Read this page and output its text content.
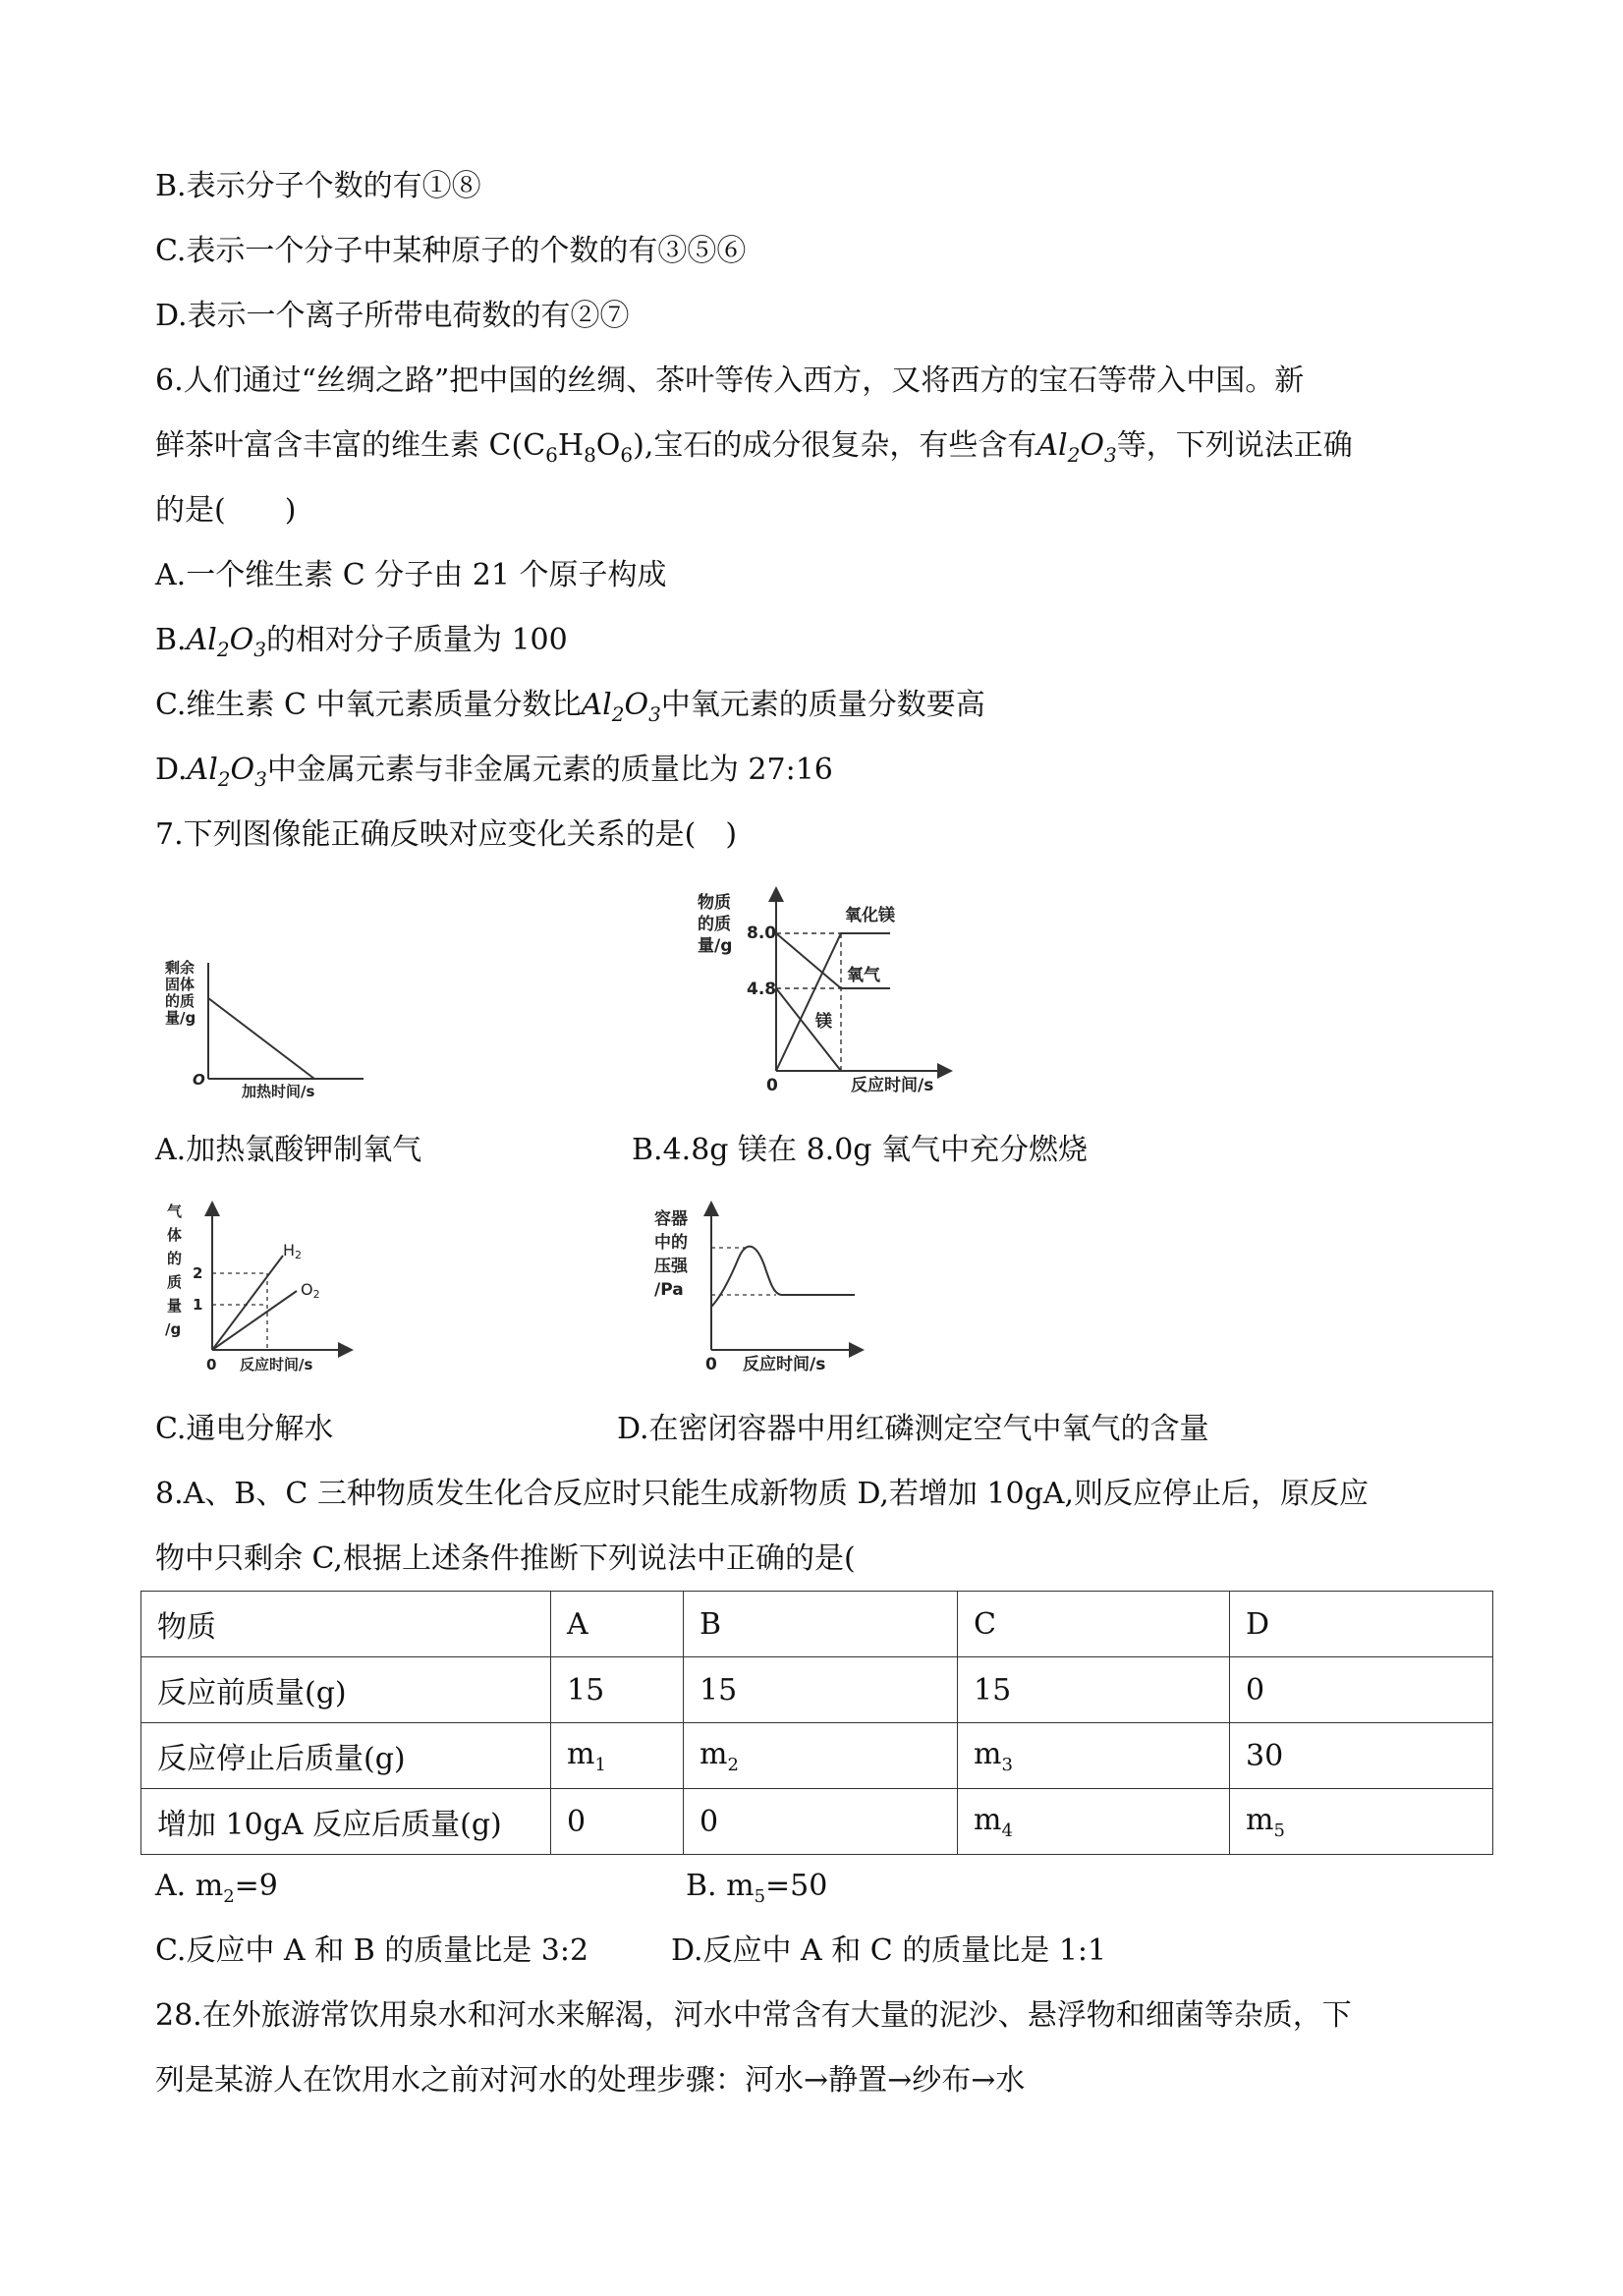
B.表示分子个数的有①⑧
C.表示一个分子中某种原子的个数的有③⑤⑥
D.表示一个离子所带电荷数的有②⑦
6.人们通过“丝绸之路”把中国的丝绸、茶叶等传入西方，又将西方的宝石等带入中国。新
鲜茶叶富含丰富的维生素 $C(C_6H_8O_6)$,宝石的成分很复杂，有些含有$Al_2O_3$等，下列说法正确
的是(　　)
A.一个维生素 C 分子由 21 个原子构成
$B.Al_2O_3$的相对分子质量为 100
C.维生素 C 中氧元素质量分数比$Al_2O_3$中氧元素的质量分数要高
$D.Al_2O_3$中金属元素与非金属元素的质量比为 27:16
7.下列图像能正确反映对应变化关系的是(　)
剩余
固体
的质
量/g
O
加热时间/s
物质
的质
量/g
8.0
4.8
氧化镁
氧气
镁
0	反应时间/s
A.加热氯酸钾制氧气	B.4.8g 镁在 8.0g 氧气中充分燃烧
气
体
的
质
量
/g
2
1
0 反应时间/s
H2
O2
容器
中的
压强
/Pa
0 反应时间/s
C.通电分解水	D.在密闭容器中用红磷测定空气中氧气的含量
8.A、B、C 三种物质发生化合反应时只能生成新物质 D,若增加 10gA,则反应停止后，原反应
物中只剩余 C,根据上述条件推断下列说法中正确的是(
物质	A	B	C	D
反应前质量(g)	15	15	15	0
反应停止后质量(g)	$m_1$	$m_2$	$m_3$	30
增加 10gA 反应后质量(g)	0	0	$m_4$	$m_5$
A. $m_2=9$	B. $m_5=50$
C.反应中 A 和 B 的质量比是 3:2	D.反应中 A 和 C 的质量比是 1:1
28.在外旅游常饮用泉水和河水来解渴，河水中常含有大量的泥沙、悬浮物和细菌等杂质，下
列是某游人在饮用水之前对河水的处理步骤：河水→静置→纱布→水
